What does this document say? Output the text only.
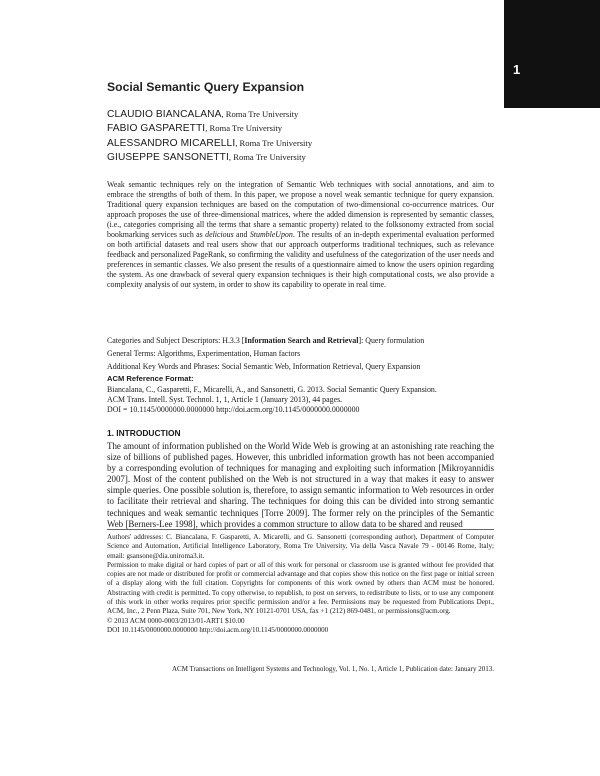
1
Social Semantic Query Expansion
CLAUDIO BIANCALANA, Roma Tre University
FABIO GASPARETTI, Roma Tre University
ALESSANDRO MICARELLI, Roma Tre University
GIUSEPPE SANSONETTI, Roma Tre University

Weak semantic techniques rely on the integration of Semantic Web techniques with social annotations, and aim to embrace the strengths of both of them. In this paper, we propose a novel weak semantic technique for query expansion. Traditional query expansion techniques are based on the computation of two-dimensional co-occurrence matrices. Our approach proposes the use of three-dimensional matrices, where the added dimension is represented by semantic classes, (i.e., categories comprising all the terms that share a semantic property) related to the folksonomy extracted from social bookmarking services such as delicious and StumbleUpon. The results of an in-depth experimental evaluation performed on both artificial datasets and real users show that our approach outperforms traditional techniques, such as relevance feedback and personalized PageRank, so confirming the validity and usefulness of the categorization of the user needs and preferences in semantic classes. We also present the results of a questionnaire aimed to know the users opinion regarding the system. As one drawback of several query expansion techniques is their high computational costs, we also provide a complexity analysis of our system, in order to show its capability to operate in real time.

Categories and Subject Descriptors: H.3.3 [Information Search and Retrieval]: Query formulation

General Terms: Algorithms, Experimentation, Human factors

Additional Key Words and Phrases: Social Semantic Web, Information Retrieval, Query Expansion

ACM Reference Format:

Biancalana, C., Gasparetti, F., Micarelli, A., and Sansonetti, G. 2013. Social Semantic Query Expansion.
ACM Trans. Intell. Syst. Technol. 1, 1, Article 1 (January 2013), 44 pages.
DOI = 10.1145/0000000.0000000 http://doi.acm.org/10.1145/0000000.0000000

1. INTRODUCTION

The amount of information published on the World Wide Web is growing at an astonishing rate reaching the size of billions of published pages. However, this unbridled information growth has not been accompanied by a corresponding evolution of techniques for managing and exploiting such information [Mikroyannidis 2007]. Most of the content published on the Web is not structured in a way that makes it easy to answer simple queries. One possible solution is, therefore, to assign semantic information to Web resources in order to facilitate their retrieval and sharing. The techniques for doing this can be divided into strong semantic techniques and weak semantic techniques [Torre 2009]. The former rely on the principles of the Semantic Web [Berners-Lee 1998], which provides a common structure to allow data to be shared and reused

Authors' addresses: C. Biancalana, F. Gasparetti, A. Micarelli, and G. Sansonetti (corresponding author), Department of Computer Science and Automation, Artificial Intelligence Laboratory, Roma Tre University, Via della Vasca Navale 79 - 00146 Rome, Italy; email: gsansone@dia.uniroma3.it.
Permission to make digital or hard copies of part or all of this work for personal or classroom use is granted without fee provided that copies are not made or distributed for profit or commercial advantage and that copies show this notice on the first page or initial screen of a display along with the full citation. Copyrights for components of this work owned by others than ACM must be honored. Abstracting with credit is permitted. To copy otherwise, to republish, to post on servers, to redistribute to lists, or to use any component of this work in other works requires prior specific permission and/or a fee. Permissions may be requested from Publications Dept., ACM, Inc., 2 Penn Plaza, Suite 701, New York, NY 10121-0701 USA, fax +1 (212) 869-0481, or permissions@acm.org.
© 2013 ACM 0000-0003/2013/01-ART1 $10.00
DOI 10.1145/0000000.0000000 http://doi.acm.org/10.1145/0000000.0000000

ACM Transactions on Intelligent Systems and Technology, Vol. 1, No. 1, Article 1, Publication date: January 2013.
